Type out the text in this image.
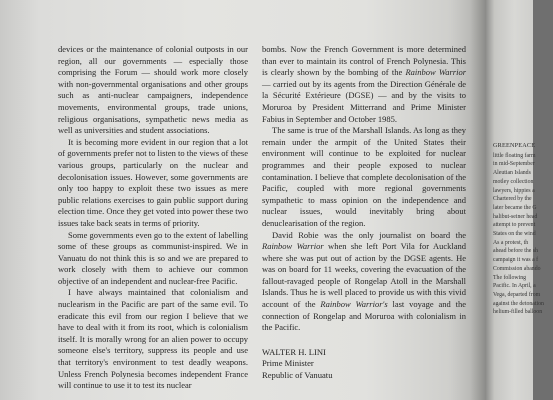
devices or the maintenance of colonial outposts in our region, all our governments — especially those comprising the Forum — should work more closely with non-governmental organisations and other groups such as anti-nuclear campaigners, independence movements, environmental groups, trade unions, religious organisations, sympathetic news media as well as universities and student associations.

It is becoming more evident in our region that a lot of governments prefer not to listen to the views of these various groups, particularly on the nuclear and decolonisation issues. However, some governments are only too happy to exploit these two issues as mere public relations exercises to gain public support during election time. Once they get voted into power these two issues take back seats in terms of priority.

Some governments even go to the extent of labelling some of these groups as communist-inspired. We in Vanuatu do not think this is so and we are prepared to work closely with them to achieve our common objective of an independent and nuclear-free Pacific.

I have always maintained that colonialism and nuclearism in the Pacific are part of the same evil. To eradicate this evil from our region I believe that we have to deal with it from its root, which is colonialism itself. It is morally wrong for an alien power to occupy someone else's territory, suppress its people and use that territory's environment to test deadly weapons. Unless French Polynesia becomes independent France will continue to use it to test its nuclear

bombs. Now the French Government is more determined than ever to maintain its control of French Polynesia. This is clearly shown by the bombing of the Rainbow Warrior — carried out by its agents from the Direction Générale de la Sécurité Extérieure (DGSE) — and by the visits to Moruroa by President Mitterrand and Prime Minister Fabius in September and October 1985.

The same is true of the Marshall Islands. As long as they remain under the armpit of the United States their environment will continue to be exploited for nuclear programmes and their people exposed to nuclear contamination. I believe that complete decolonisation of the Pacific, coupled with more regional governments sympathetic to mass opinion on the independence and nuclear issues, would inevitably bring about denuclearisation of the region.

David Robie was the only journalist on board the Rainbow Warrior when she left Port Vila for Auckland where she was put out of action by the DGSE agents. He was on board for 11 weeks, covering the evacuation of the fallout-ravaged people of Rongelap Atoll in the Marshall Islands. Thus he is well placed to provide us with this vivid account of the Rainbow Warrior's last voyage and the connection of Rongelap and Moruroa with colonialism in the Pacific.

WALTER H. LINI
Prime Minister
Republic of Vanuatu
GREENPEACE
little floating farm
in mid-September
Aleutian Islands
motley collection
lawyers, hippies a
Chartered by the
later became the G
halibut-seiner head
attempt to prevent
States on the wind
As a protest, th
ahead before the sh
campaign it was a f
Commission abando
The following
Pacific. In April, a
Vega, departed from
against the detonation
helium-filled balloon
